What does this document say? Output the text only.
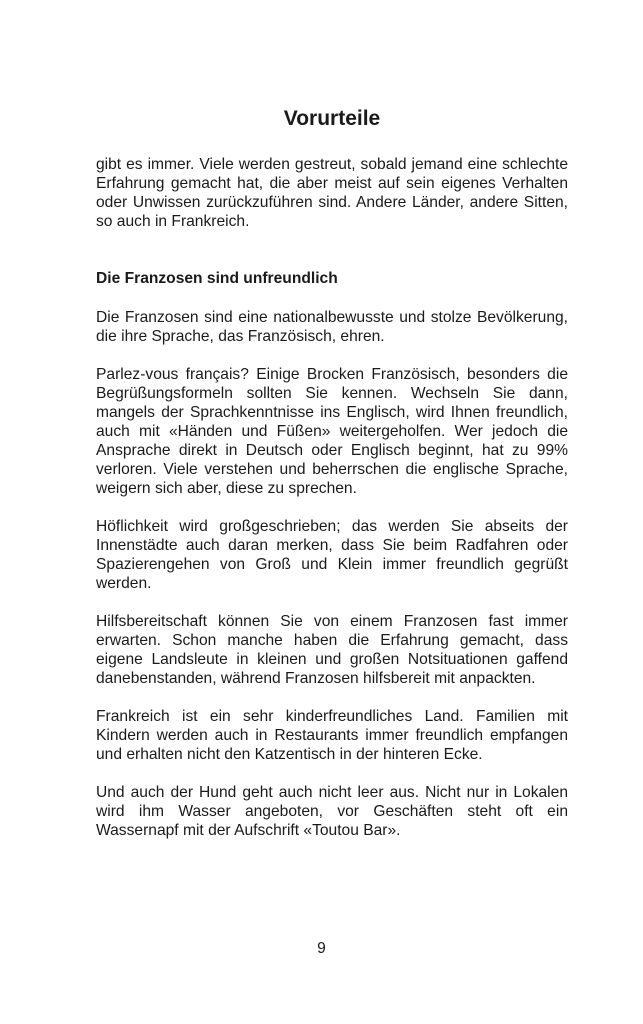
Vorurteile

gibt es immer. Viele werden gestreut, sobald jemand eine schlechte Erfahrung gemacht hat, die aber meist auf sein eigenes Verhalten oder Unwissen zurückzuführen sind. Andere Länder, andere Sitten, so auch in Frankreich.

Die Franzosen sind unfreundlich

Die Franzosen sind eine nationalbewusste und stolze Bevölkerung, die ihre Sprache, das Französisch, ehren.

Parlez-vous français? Einige Brocken Französisch, besonders die Begrüßungsformeln sollten Sie kennen. Wechseln Sie dann, mangels der Sprachkenntnisse ins Englisch, wird Ihnen freundlich, auch mit «Händen und Füßen» weitergeholfen. Wer jedoch die Ansprache direkt in Deutsch oder Englisch beginnt, hat zu 99% verloren. Viele verstehen und beherrschen die englische Sprache, weigern sich aber, diese zu sprechen.

Höflichkeit wird großgeschrieben; das werden Sie abseits der Innenstädte auch daran merken, dass Sie beim Radfahren oder Spazierengehen von Groß und Klein immer freundlich gegrüßt werden.

Hilfsbereitschaft können Sie von einem Franzosen fast immer erwarten. Schon manche haben die Erfahrung gemacht, dass eigene Landsleute in kleinen und großen Notsituationen gaffend danebenstanden, während Franzosen hilfsbereit mit anpackten.

Frankreich ist ein sehr kinderfreundliches Land. Familien mit Kindern werden auch in Restaurants immer freundlich empfangen und erhalten nicht den Katzentisch in der hinteren Ecke.

Und auch der Hund geht auch nicht leer aus. Nicht nur in Lokalen wird ihm Wasser angeboten, vor Geschäften steht oft ein Wassernapf mit der Aufschrift «Toutou Bar».

9
